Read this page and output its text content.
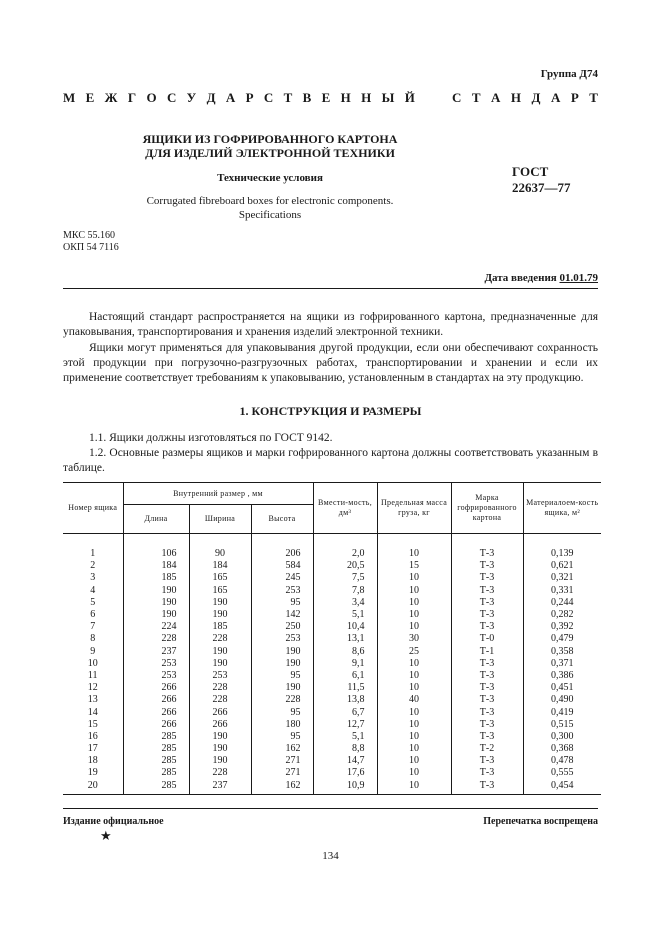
Группа Д74
М Е Ж Г О С У Д А Р С Т В Е Н Н Ы Й	С Т А Н Д А Р Т
ЯЩИКИ ИЗ ГОФРИРОВАННОГО КАРТОНА
ДЛЯ ИЗДЕЛИЙ ЭЛЕКТРОННОЙ ТЕХНИКИ
Технические условия
Corrugated fibreboard boxes for electronic components.
Specifications
ГОСТ
22637—77
МКС 55.160
ОКП 54 7116
Дата введения 01.01.79
Настоящий стандарт распространяется на ящики из гофрированного картона, предназначенные для упаковывания, транспортирования и хранения изделий электронной техники.
Ящики могут применяться для упаковывания другой продукции, если они обеспечивают сохранность этой продукции при погрузочно-разгрузочных работах, транспортировании и хранении и если их применение соответствует требованиям к упаковыванию, установленным в стандартах на эту продукцию.
1. КОНСТРУКЦИЯ И РАЗМЕРЫ
1.1. Ящики должны изготовляться по ГОСТ 9142.
1.2. Основные размеры ящиков и марки гофрированного картона должны соответствовать указанным в таблице.
Номер ящика	Внутренний размер , мм			Вмести-мость, дм³	Предельная масса груза, кг	Марка гофрированного картона	Материалоем-кость ящика, м²
	Длина	Ширина	Высота				

1	106	90	206	2,0	10	Т-3	0,139
2	184	184	584	20,5	15	Т-3	0,621
3	185	165	245	7,5	10	Т-3	0,321
4	190	165	253	7,8	10	Т-3	0,331
5	190	190	95	3,4	10	Т-3	0,244
6	190	190	142	5,1	10	Т-3	0,282
7	224	185	250	10,4	10	Т-3	0,392
8	228	228	253	13,1	30	Т-0	0,479
9	237	190	190	8,6	25	Т-1	0,358
10	253	190	190	9,1	10	Т-3	0,371
11	253	253	95	6,1	10	Т-3	0,386
12	266	228	190	11,5	10	Т-3	0,451
13	266	228	228	13,8	40	Т-3	0,490
14	266	266	95	6,7	10	Т-3	0,419
15	266	266	180	12,7	10	Т-3	0,515
16	285	190	95	5,1	10	Т-3	0,300
17	285	190	162	8,8	10	Т-2	0,368
18	285	190	271	14,7	10	Т-3	0,478
19	285	228	271	17,6	10	Т-3	0,555
20	285	237	162	10,9	10	Т-3	0,454
Издание официальное	Перепечатка воспрещена
★
134
